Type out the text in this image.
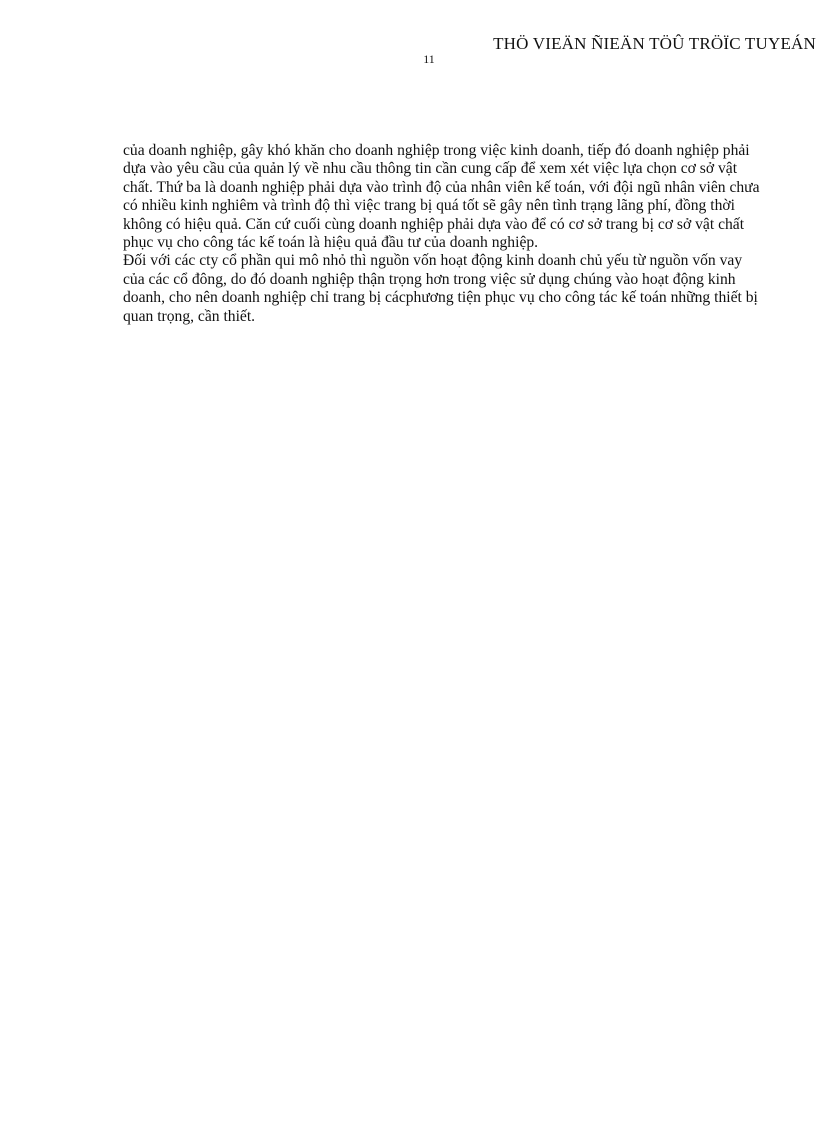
11
THÖ VIEÄN ÑIEÄN TÖÛ TRÖÏC TUYEÁN

của doanh nghiệp, gây khó khăn cho doanh nghiệp trong việc kinh doanh, tiếp đó doanh nghiệp phải dựa vào yêu cầu của quản lý về nhu cầu thông tin cần cung cấp để xem xét việc lựa chọn cơ sở vật chất. Thứ ba là doanh nghiệp phải dựa vào trình độ của nhân viên kế toán, với đội ngũ nhân viên chưa có nhiều kinh nghiêm và trình độ thì việc trang bị quá tốt sẽ gây nên tình trạng lãng phí, đồng thời không có hiệu quả. Căn cứ cuối cùng doanh nghiệp phải dựa vào để có cơ sở trang bị cơ sở vật chất phục vụ cho công tác kế toán là hiệu quả đầu tư của doanh nghiệp.

Đối với các cty cổ phần qui mô nhỏ thì nguồn vốn hoạt động kinh doanh chủ yếu từ nguồn vốn vay của các cổ đông, do đó doanh nghiệp thận trọng hơn trong việc sử dụng chúng vào hoạt động kinh doanh, cho nên doanh nghiệp chỉ trang bị cácphương tiện phục vụ cho công tác kế toán những thiết bị quan trọng, cần thiết.
